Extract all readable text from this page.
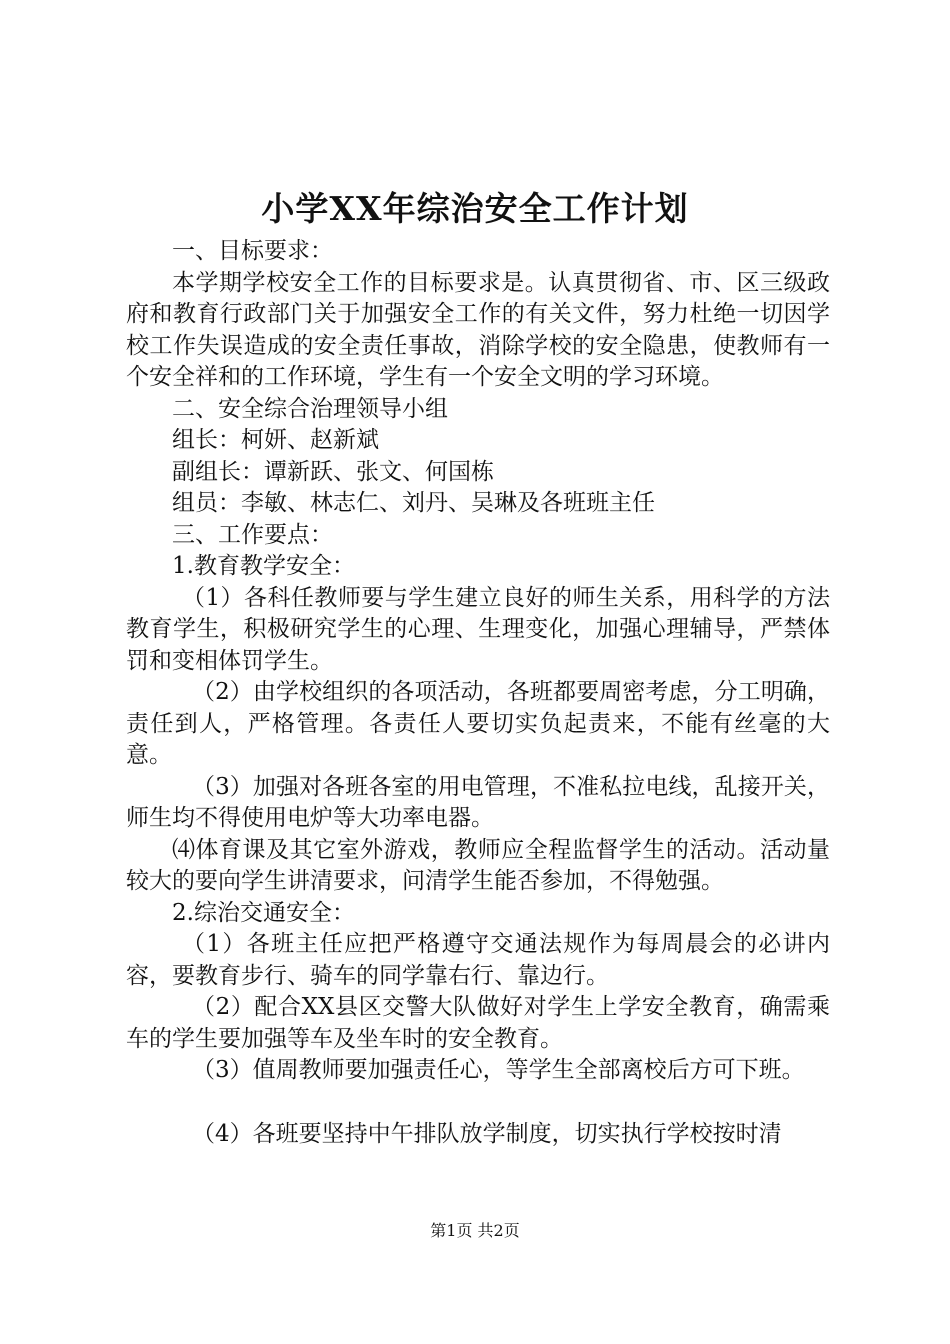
小学XX年综治安全工作计划

一、目标要求：

本学期学校安全工作的目标要求是。认真贯彻省、市、区三级政府和教育行政部门关于加强安全工作的有关文件，努力杜绝一切因学校工作失误造成的安全责任事故，消除学校的安全隐患，使教师有一个安全祥和的工作环境，学生有一个安全文明的学习环境。

二、安全综合治理领导小组

组长：柯妍、赵新斌

副组长：谭新跃、张文、何国栋

组员：李敏、林志仁、刘丹、吴琳及各班班主任

三、工作要点：

1.教育教学安全：

（1）各科任教师要与学生建立良好的师生关系，用科学的方法教育学生，积极研究学生的心理、生理变化，加强心理辅导，严禁体罚和变相体罚学生。

（2）由学校组织的各项活动，各班都要周密考虑，分工明确，责任到人，严格管理。各责任人要切实负起责来，不能有丝毫的大意。

（3）加强对各班各室的用电管理，不准私拉电线，乱接开关，师生均不得使用电炉等大功率电器。

⑷体育课及其它室外游戏，教师应全程监督学生的活动。活动量较大的要向学生讲清要求，问清学生能否参加，不得勉强。

2.综治交通安全：

（1）各班主任应把严格遵守交通法规作为每周晨会的必讲内容，要教育步行、骑车的同学靠右行、靠边行。

（2）配合XX县区交警大队做好对学生上学安全教育，确需乘车的学生要加强等车及坐车时的安全教育。

（3）值周教师要加强责任心，等学生全部离校后方可下班。

（4）各班要坚持中午排队放学制度，切实执行学校按时清

第1页 共2页
